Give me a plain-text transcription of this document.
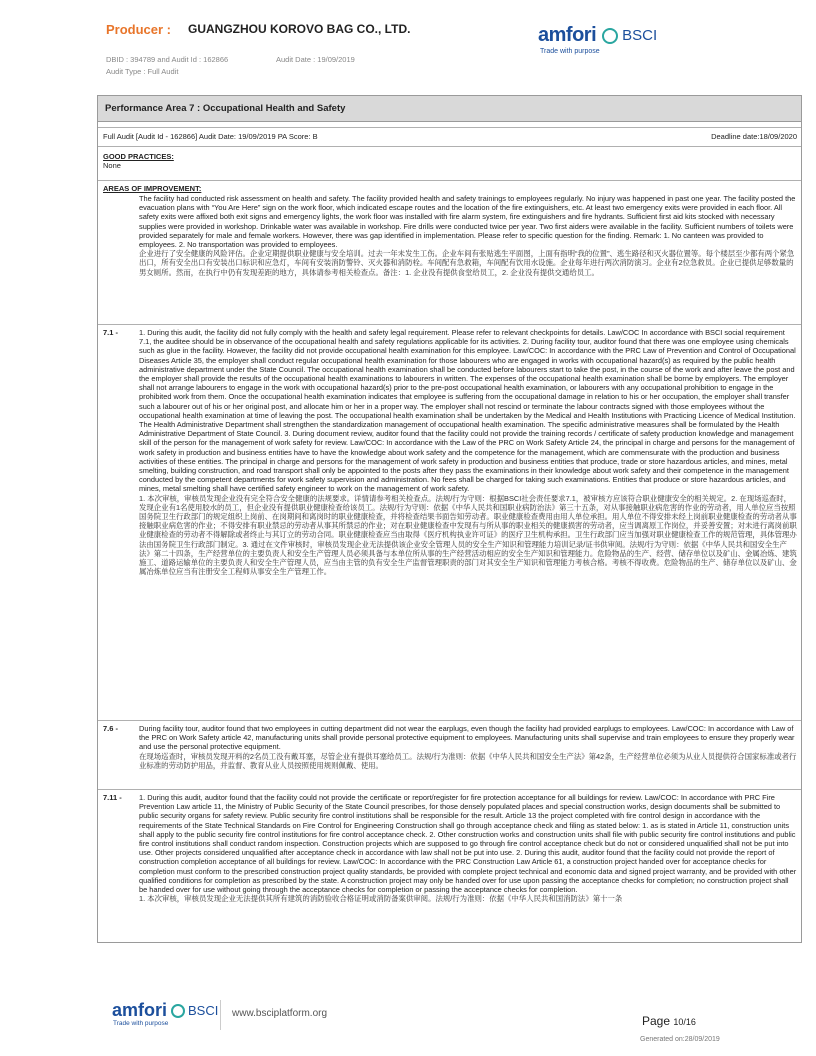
Producer : GUANGZHOU KOROVO BAG CO., LTD.
DBID : 394789 and Audit Id : 162866	Audit Date : 19/09/2019
Audit Type : Full Audit
amfori BSCI
Trade with purpose
Performance Area 7 : Occupational Health and Safety
Full Audit [Audit Id - 162866] Audit Date: 19/09/2019 PA Score: B	Deadline date:18/09/2020
GOOD PRACTICES:
None
AREAS OF IMPROVEMENT:
The facility had conducted risk assessment on health and safety. The facility provided health and safety trainings to employees regularly. No injury was happened in past one year. The facility posted the evacuation plans with “You Are Here” sign on the work floor, which indicated escape routes and the location of the fire extinguishers, etc. At least two emergency exits were provided in each floor. All safety exits were affixed both exit signs and emergency lights, the work floor was installed with fire alarm system, fire extinguishers and fire hydrants. Sufficient first aid kits stocked with necessary supplies were provided in workshop. Drinkable water was available in workshop. Fire drills were conducted twice per year. Two first aiders were available in the facility. Sufficient numbers of toilets were provided separately for male and female workers. However, there was gap identified in implementation. Please refer to specific question for the finding. Remark: 1. No canteen was provided to employees. 2. No transportation was provided to employees.
企业进行了安全健康的风险评估。企业定期提供职业健康与安全培训。过去一年未发生工伤。企业车间有张贴逃生平面图，上面有指明“我的位置”、逃生路径和灭火器位置等。每个楼层至少都有两个紧急出口，所有安全出口有安装出口标识和应急灯，车间有安装消防警铃、灭火器和消防栓。车间配有急救箱，车间配有饮用水设施。企业每年进行两次消防演习。企业有2位急救员。企业已提供足够数量的男女厕所。然而，在执行中仍有发现差距的地方，具体请参考相关检查点。备注：1. 企业没有提供食堂给员工，2. 企业没有提供交通给员工。
7.1 -	1. During this audit, the facility did not fully comply with the health and safety legal requirement. Please refer to relevant checkpoints for details. Law/COC In accordance with BSCI social requirement 7.1, the auditee should be in observance of the occupational health and safety regulations applicable for its activities. 2. During facility tour, auditor found that there was one employee using chemicals such as glue in the facility. However, the facility did not provide occupational health examination for this employee. Law/COC: In accordance with the PRC Law of Prevention and Control of Occupational Diseases Article 35, the employer shall conduct regular occupational health examination for those labourers who are engaged in works with occupational hazard(s) as required by the public health administrative department under the State Council. The occupational health examination shall be conducted before labourers start to take the post, in the course of the work and after leave the post and the employer shall provide the results of the occupational health examinations to labourers in written. The expenses of the occupational health examination shall be borne by employers. The employer shall not arrange labourers to engage in the work with occupational hazard(s) prior to the pre-post occupational health examination, or labourers with any occupational prohibition to engage in the prohibited work from them. Once the occupational health examination indicates that employee is suffering from the occupational damage in relation to his or her occupation, the employer shall transfer such a labourer out of his or her original post, and allocate him or her in a proper way. The employer shall not rescind or terminate the labour contracts signed with those employees without the occupational health examination at time of leaving the post. The occupational health examination shall be undertaken by the Medical and Health Institutions with Practicing Licence of Medical Institution. The Health Administrative Department shall strengthen the standardization management of occupational health examination. The specific administrative measures shall be formulated by the Health Administrative Department of State Council. 3. During document review, auditor found that the facility could not provide the training records / certificate of safety production knowledge and management skill of the person for the management of work safety for review. Law/COC: In accordance with the Law of the PRC on Work Safety Article 24, the principal in charge and persons for the management of work safety in production and business entities have to have the knowledge about work safety and the competence for the management, which are commensurate with the production and business activities of these entities. The principal in charge and persons for the management of work safety in production and business entities that produce, trade or store hazardous articles, and mines, metal smelting, building construction, and road transport shall only be appointed to the posts after they pass the examinations in their knowledge about work safety and their competence in the management conducted by the competent departments for work safety supervision and administration. No fees shall be charged for taking such examinations. Entities that produce or store hazardous articles, and mines, metal smelting shall have certified safety engineer to work on the management of work safety.
1. 本次审核，审核员发现企业没有完全符合安全健康的法规要求。详情请参考相关检查点。法规/行为守则：根据BSCI社会责任要求7.1，被审核方应该符合职业健康安全的相关规定。2. 在现场巡查时，发现企业有1名使用胶水的员工，但企业没有提供职业健康检查给该员工。法规/行为守则：依据《中华人民共和国职业病防治法》第三十五条，对从事接触职业病危害的作业的劳动者，用人单位应当按照国务院卫生行政部门的规定组织上岗前、在岗期间和离岗时的职业健康检查，并将检查结果书面告知劳动者。职业健康检查费用由用人单位承担。用人单位不得安排未经上岗前职业健康检查的劳动者从事接触职业病危害的作业；不得安排有职业禁忌的劳动者从事其所禁忌的作业；对在职业健康检查中发现有与所从事的职业相关的健康损害的劳动者，应当调离原工作岗位，并妥善安置；对未进行离岗前职业健康检查的劳动者不得解除或者终止与其订立的劳动合同。职业健康检查应当由取得《医疗机构执业许可证》的医疗卫生机构承担。卫生行政部门应当加强对职业健康检查工作的规范管理，具体管理办法由国务院卫生行政部门制定。3. 通过在文件审核时，审核员发现企业无法提供该企业安全管理人员的安全生产知识和管理能力培训记录/证书供审阅。法规/行为守则：依据《中华人民共和国安全生产法》第二十四条，生产经营单位的主要负责人和安全生产管理人员必须具备与本单位所从事的生产经营活动相应的安全生产知识和管理能力。危险物品的生产、经营、储存单位以及矿山、金属冶炼、建筑施工、道路运输单位的主要负责人和安全生产管理人员，应当由主管的负有安全生产监督管理职责的部门对其安全生产知识和管理能力考核合格。考核不得收费。危险物品的生产、储存单位以及矿山、金属冶炼单位应当有注册安全工程师从事安全生产管理工作。
7.6 -	During facility tour, auditor found that two employees in cutting department did not wear the earplugs, even though the facility had provided earplugs to employees. Law/COC: In accordance with Law of the PRC on Work Safety article 42, manufacturing units shall provide personal protective equipment to employees. Manufacturing units shall supervise and train employees to ensure they properly wear and use the personal protective equipment.
在现场巡查时，审核员发现开料的2名员工没有戴耳塞，尽管企业有提供耳塞给员工。法规/行为准则：依据《中华人民共和国安全生产法》第42条，生产经营单位必须为从业人员提供符合国家标准或者行业标准的劳动防护用品，并监督、教育从业人员按照使用规则佩戴、使用。
7.11 - 1. During this audit, auditor found that the facility could not provide the certificate or report/register for fire protection acceptance for all buildings for review. Law/COC: In accordance with PRC Fire Prevention Law article 11, the Ministry of Public Security of the State Council prescribes, for those densely populated places and special construction works, design documents shall be submitted to public security organs for safety review. Public security fire control institutions shall be responsible for the result. Article 13 the project completed with fire control design in accordance with the requirements of the State Technical Standards on Fire Control for Engineering Construction shall go through acceptance check and filing as stated below: 1. as is stated in Article 11, construction units shall apply to the public security fire control institutions for fire control acceptance check. 2. Other construction works and construction units shall file with public security fire control institutions and public fire control institutions shall conduct random inspection. Construction projects which are supposed to go through fire control acceptance check but do not or considered unqualified shall not be put into use. Other projects considered unqualified after acceptance check in accordance with law shall not be put into use. 2. During this audit, auditor found that the facility could not provide the report of construction completion acceptance of all buildings for review. Law/COC: In accordance with the PRC Construction Law Article 61, a construction project handed over for acceptance checks for completion must conform to the prescribed construction project quality standards, be provided with complete project technical and economic data and signed project warranty, and be provided with other qualified conditions for completion as prescribed by the state. A construction project may only be handed over for use upon passing the acceptance checks for completion; no construction project shall be handed over for use without going through the acceptance checks for completion or passing the acceptance checks for completion.
1. 本次审核，审核员发现企业无法提供其所有建筑的消防验收合格证明或消防备案供审阅。法规/行为准则：依据《中华人民共和国消防法》第十一条
amfori BSCI
Trade with purpose
www.bsciplatform.org
Page 10/16
Generated on:28/09/2019
